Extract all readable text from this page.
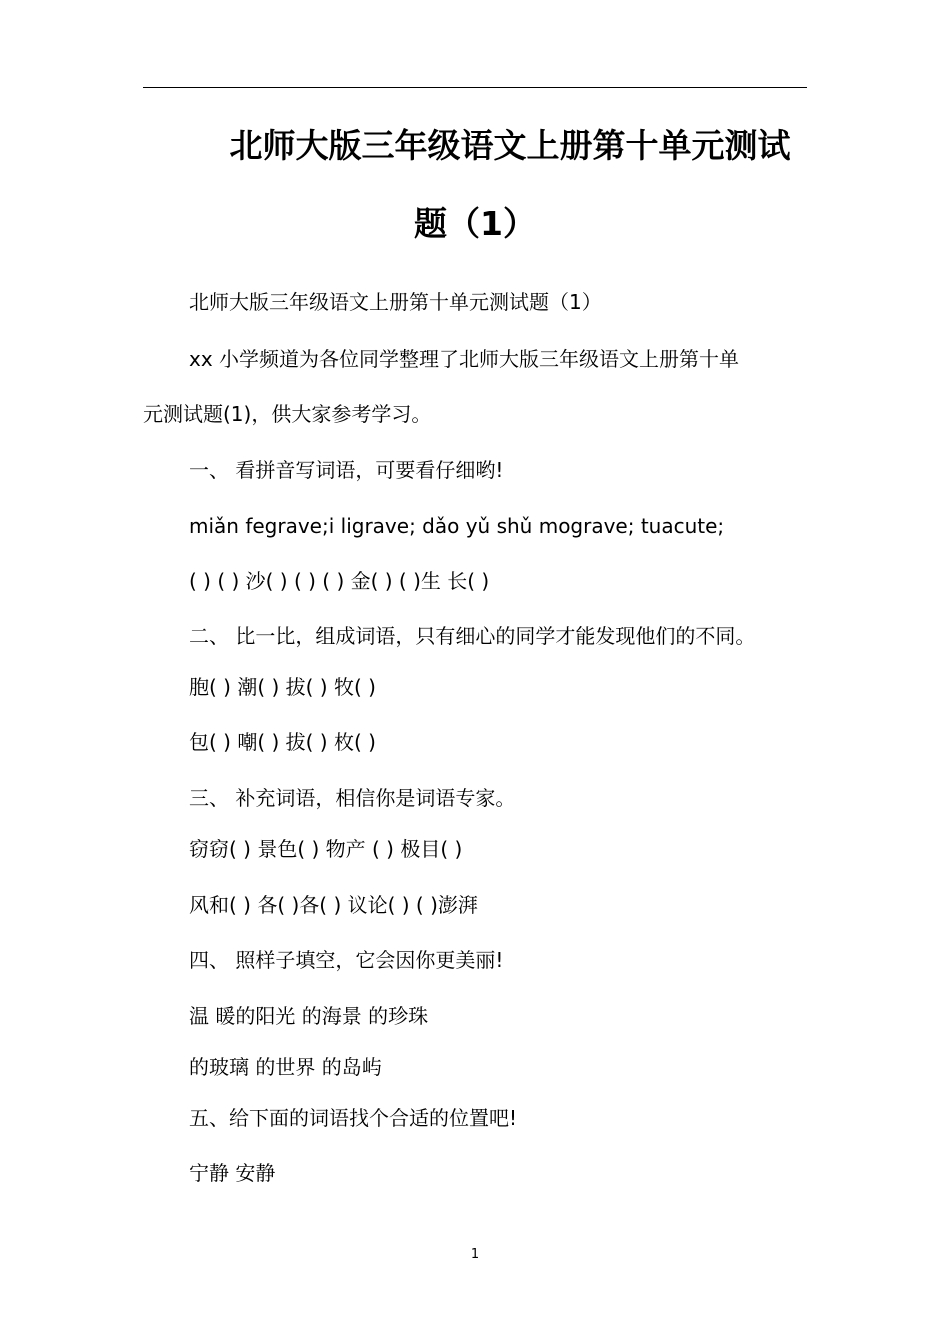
北师大版三年级语文上册第十单元测试
题（1）
北师大版三年级语文上册第十单元测试题（1）
xx 小学频道为各位同学整理了北师大版三年级语文上册第十单
元测试题(1)，供大家参考学习。
一、 看拼音写词语，可要看仔细哟!
miǎn fegrave;i ligrave; dǎo yǔ shǔ mograve; tuacute;
( ) ( ) 沙( ) ( ) ( ) 金( ) ( )生 长( )
二、 比一比，组成词语，只有细心的同学才能发现他们的不同。
胞( ) 潮( ) 拔( ) 牧( )
包( ) 嘲( ) 拔( ) 枚( )
三、 补充词语，相信你是词语专家。
窃窃( ) 景色( ) 物产 ( ) 极目( )
风和( ) 各( )各( ) 议论( ) ( )澎湃
四、 照样子填空，它会因你更美丽!
温 暖的阳光 的海景 的珍珠
的玻璃 的世界 的岛屿
五、给下面的词语找个合适的位置吧!
宁静 安静
1
